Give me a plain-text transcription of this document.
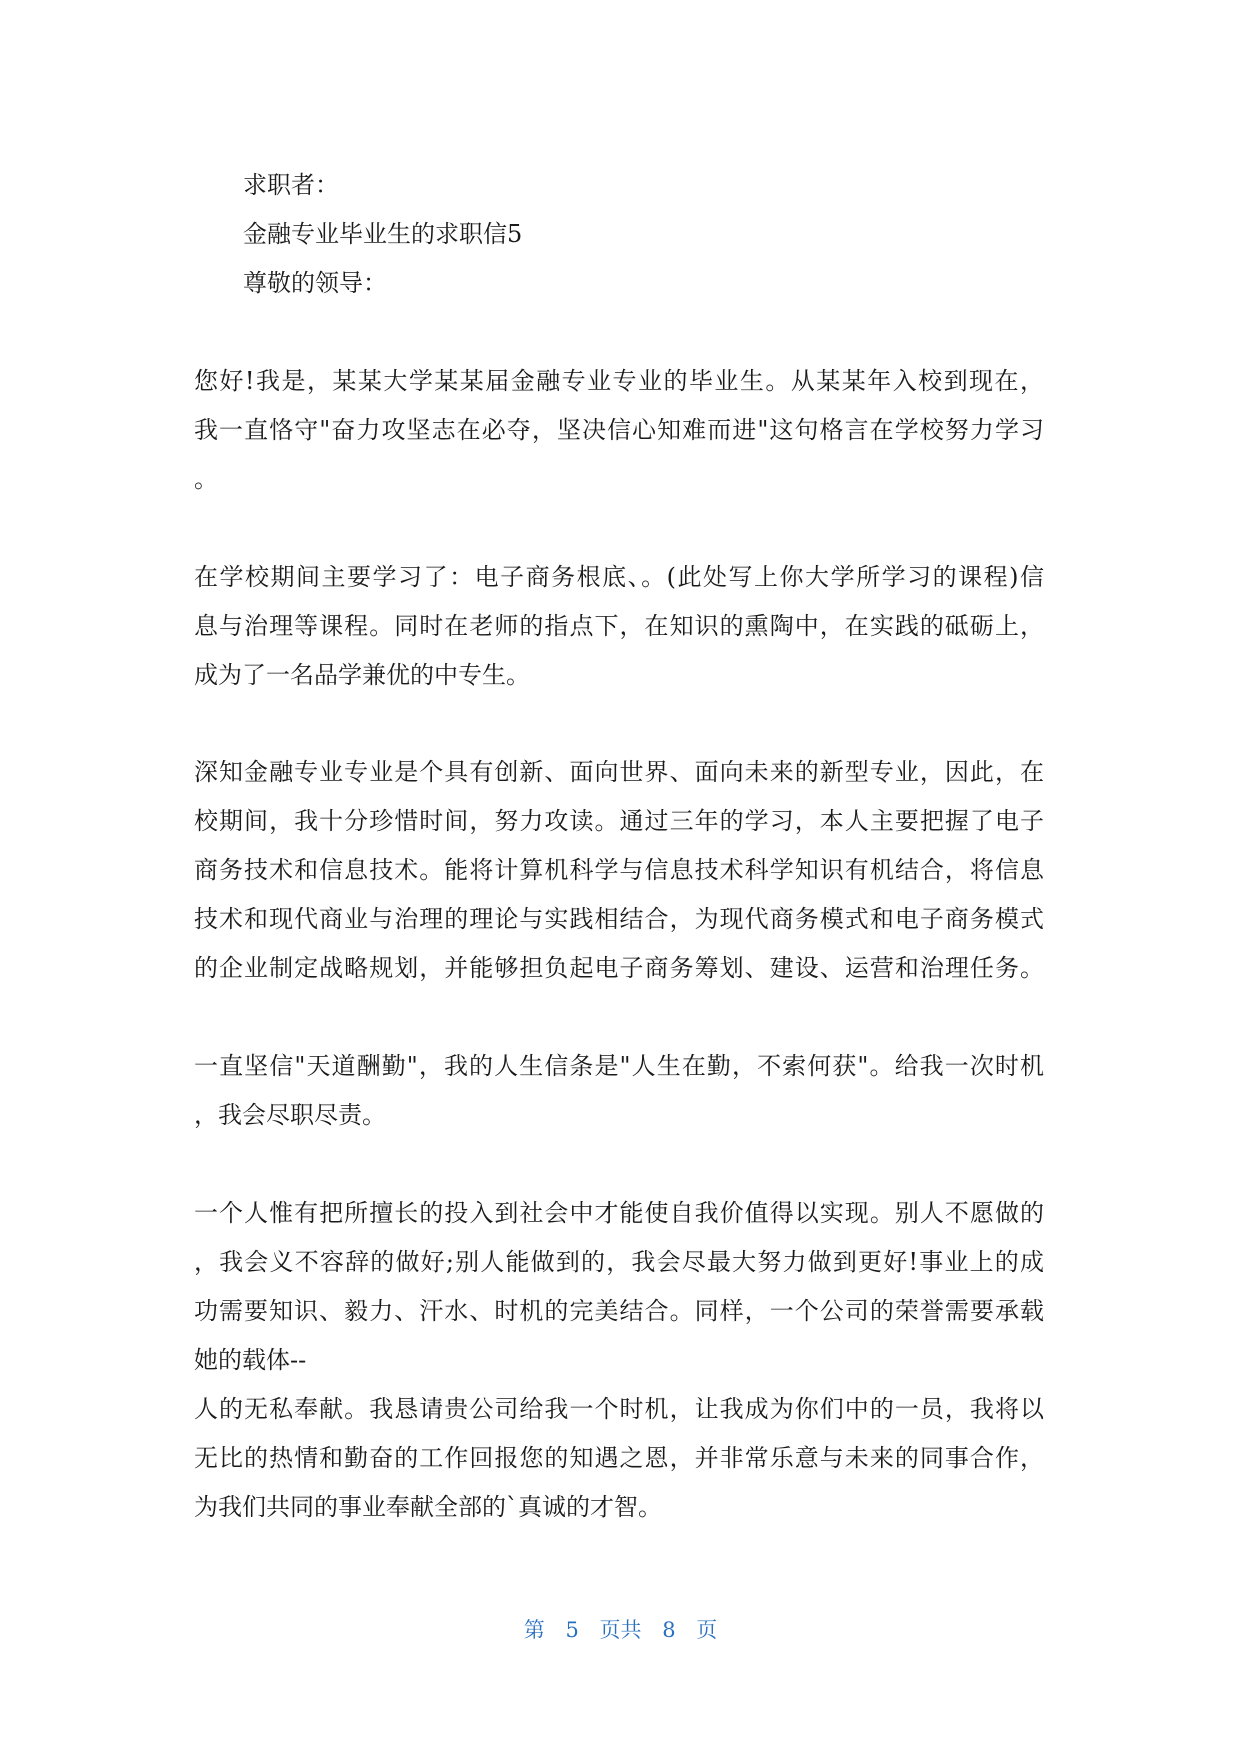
求职者：
金融专业毕业生的求职信5
尊敬的领导：
您好!我是，某某大学某某届金融专业专业的毕业生。从某某年入校到现在，
我一直恪守"奋力攻坚志在必夺，坚决信心知难而进"这句格言在学校努力学习
。
在学校期间主要学习了：电子商务根底、。(此处写上你大学所学习的课程)信
息与治理等课程。同时在老师的指点下，在知识的熏陶中，在实践的砥砺上，
成为了一名品学兼优的中专生。
深知金融专业专业是个具有创新、面向世界、面向未来的新型专业，因此，在
校期间，我十分珍惜时间，努力攻读。通过三年的学习，本人主要把握了电子
商务技术和信息技术。能将计算机科学与信息技术科学知识有机结合，将信息
技术和现代商业与治理的理论与实践相结合，为现代商务模式和电子商务模式
的企业制定战略规划，并能够担负起电子商务筹划、建设、运营和治理任务。
一直坚信"天道酬勤"，我的人生信条是"人生在勤，不索何获"。给我一次时机
，我会尽职尽责。
一个人惟有把所擅长的投入到社会中才能使自我价值得以实现。别人不愿做的
，我会义不容辞的做好;别人能做到的，我会尽最大努力做到更好!事业上的成
功需要知识、毅力、汗水、时机的完美结合。同样，一个公司的荣誉需要承载
她的载体--
人的无私奉献。我恳请贵公司给我一个时机，让我成为你们中的一员，我将以
无比的热情和勤奋的工作回报您的知遇之恩，并非常乐意与未来的同事合作，
为我们共同的事业奉献全部的`真诚的才智。
第 5 页共 8 页
